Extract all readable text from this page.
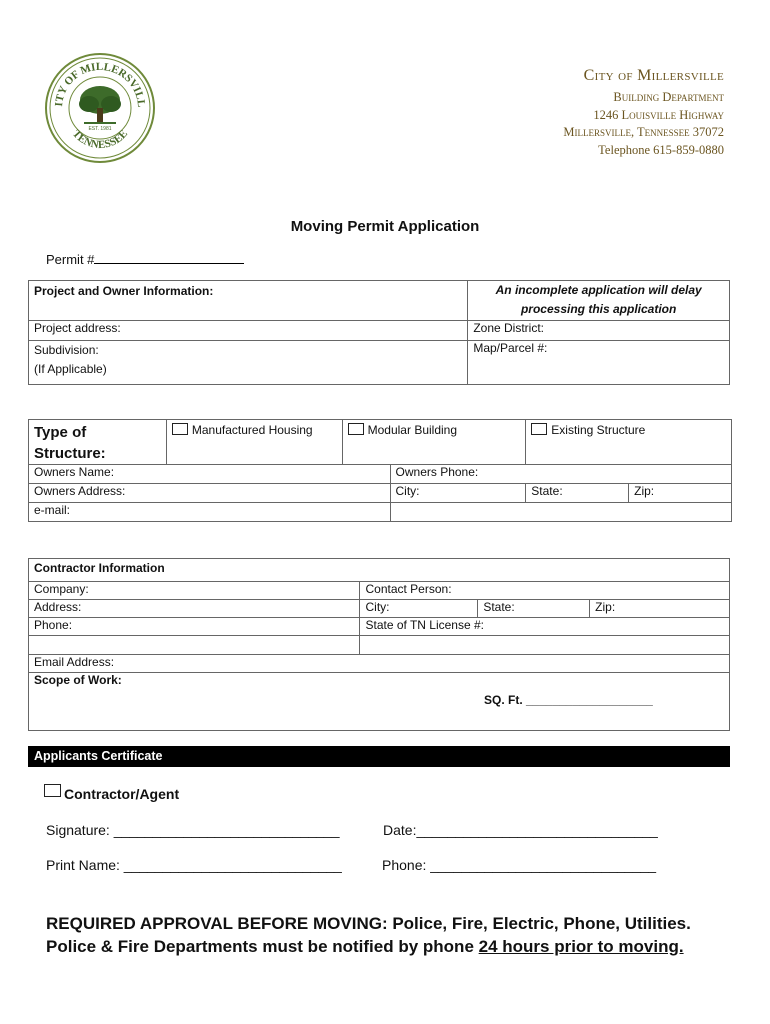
ITY OF MILLERSVILL
TENNESSEE
EST. 1981
City of Millersville
Building Department
1246 Louisville Highway
Millersville, Tennessee 37072
Telephone 615-859-0880
Moving Permit Application
Permit #
Project and Owner Information:	An incomplete application will delay processing this application
Project address:	Zone District:

Subdivision:
(If Applicable)	Map/Parcel #:
Type of
Structure:	Manufactured Housing	Modular Building		Existing Structure	
Owners Name:			Owners Phone:		
Owners Address:			City:	State:	Zip:
e-mail:					
Contractor Information			
Company:	Contact Person:		
Address:	City:	State:	Zip:
Phone:	State of TN License #:		

Email Address:			

Scope of Work:
SQ. Ft. ___________________			
Applicants Certificate
Contractor/Agent
Signature: _____________________________	Date:_______________________________
Print Name: ____________________________	Phone: _____________________________
REQUIRED APPROVAL BEFORE MOVING: Police, Fire, Electric, Phone, Utilities.
Police & Fire Departments must be notified by phone 24 hours prior to moving.
